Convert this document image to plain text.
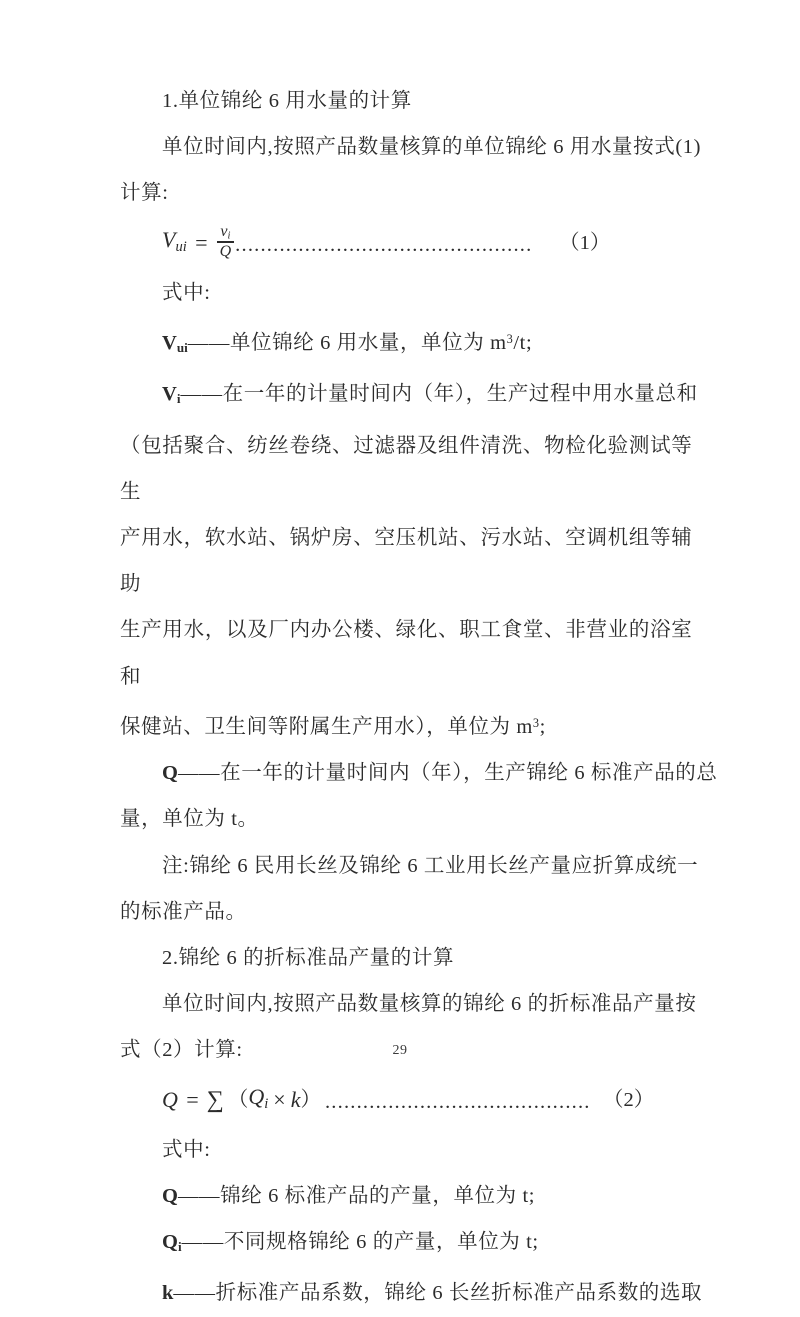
1.单位锦纶 6 用水量的计算
单位时间内,按照产品数量核算的单位锦纶 6 用水量按式(1)
计算:
$V_{ui} = \frac{v_i}{Q}$ ...............................................	（1）
式中:
$V_{ui}——$单位锦纶 6 用水量，单位为 $m^3/t$;
$V_i——$在一年的计量时间内（年），生产过程中用水量总和
（包括聚合、纺丝卷绕、过滤器及组件清洗、物检化验测试等生
产用水，软水站、锅炉房、空压机站、污水站、空调机组等辅助
生产用水，以及厂内办公楼、绿化、职工食堂、非营业的浴室和
保健站、卫生间等附属生产用水），单位为 $m^3$;
Q——在一年的计量时间内（年），生产锦纶 6 标准产品的总
量，单位为 t。
注:锦纶 6 民用长丝及锦纶 6 工业用长丝产量应折算成统一
的标准产品。
2.锦纶 6 的折标准品产量的计算
单位时间内,按照产品数量核算的锦纶 6 的折标准品产量按
式（2）计算:
Q = ∑ （ $Q_i \times k$ ） .......................................... （2）
式中:
Q——锦纶 6 标准产品的产量，单位为 t;
$Q_i——$不同规格锦纶 6 的产量，单位为 t;
k——折标准产品系数，锦纶 6 长丝折标准产品系数的选取
29
